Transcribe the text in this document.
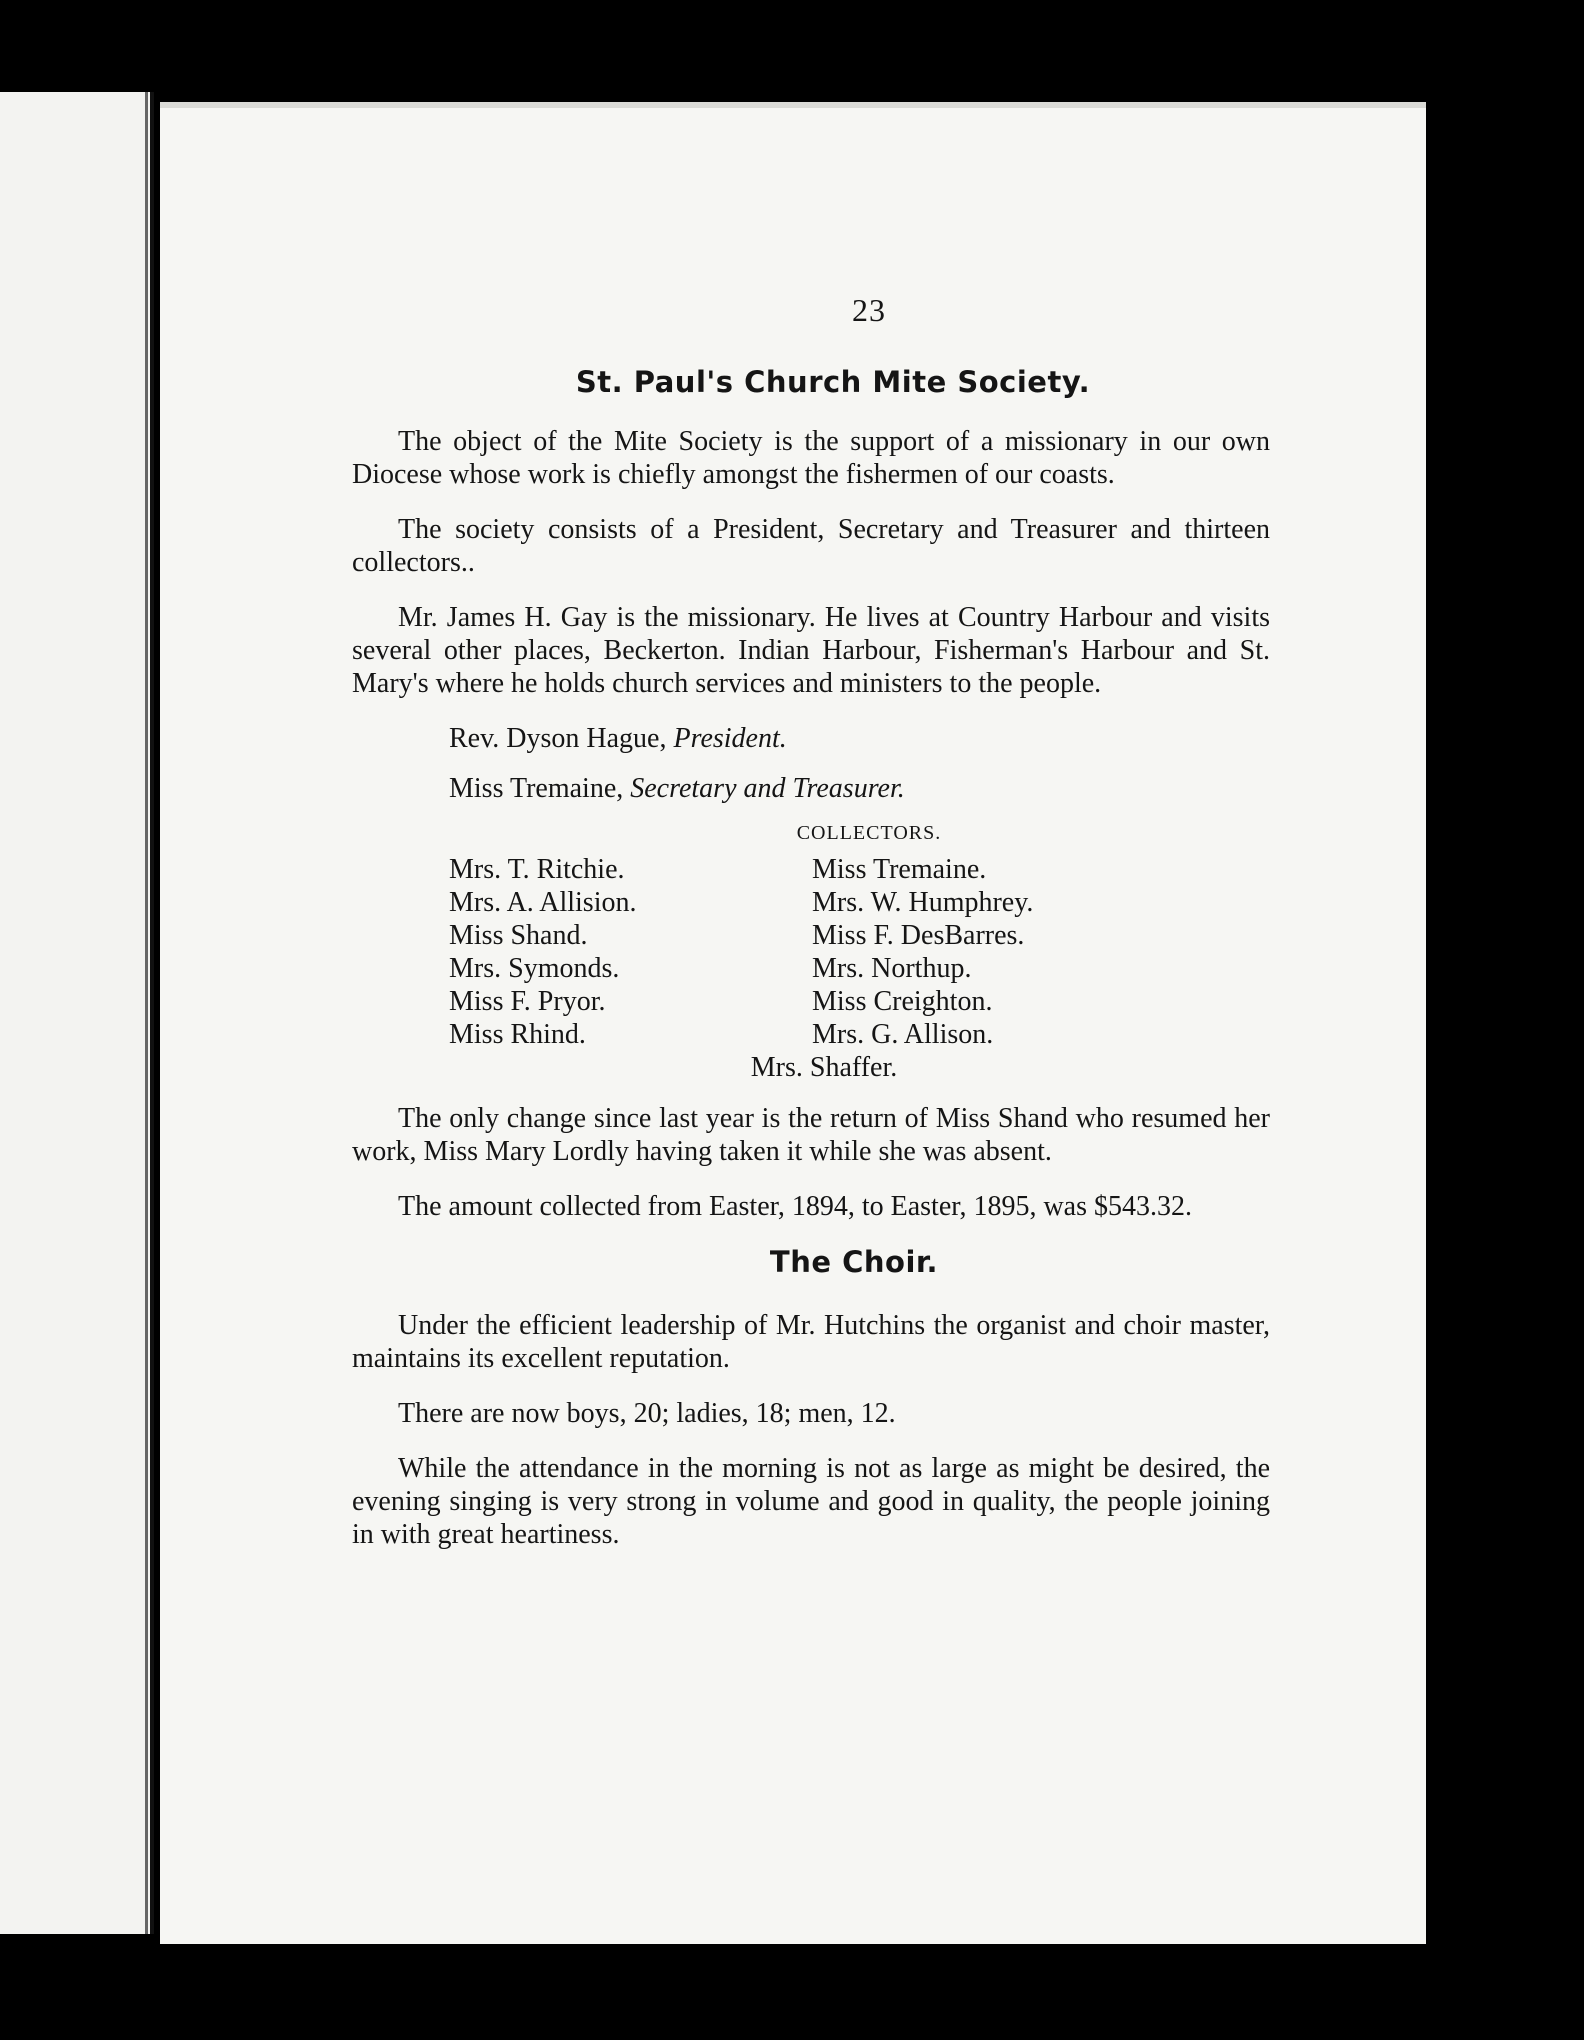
23
St. Paul's Church Mite Society.

The object of the Mite Society is the support of a missionary in our own Diocese whose work is chiefly amongst the fishermen of our coasts.

The society consists of a President, Secretary and Treasurer and thirteen collectors..

Mr. James H. Gay is the missionary. He lives at Country Harbour and visits several other places, Beckerton. Indian Harbour, Fisherman's Harbour and St. Mary's where he holds church services and ministers to the people.

Rev. Dyson Hague, President.
Miss Tremaine, Secretary and Treasurer.
COLLECTORS.
Mrs. T. Ritchie.
Mrs. A. Allision.
Miss Shand.
Mrs. Symonds.
Miss F. Pryor.
Miss Rhind.
Miss Tremaine.
Mrs. W. Humphrey.
Miss F. DesBarres.
Mrs. Northup.
Miss Creighton.
Mrs. G. Allison.
Mrs. Shaffer.

The only change since last year is the return of Miss Shand who resumed her work, Miss Mary Lordly having taken it while she was absent.

The amount collected from Easter, 1894, to Easter, 1895, was $543.32.

The Choir.

Under the efficient leadership of Mr. Hutchins the organist and choir master, maintains its excellent reputation.

There are now boys, 20; ladies, 18; men, 12.

While the attendance in the morning is not as large as might be desired, the evening singing is very strong in volume and good in quality, the people joining in with great heartiness.
